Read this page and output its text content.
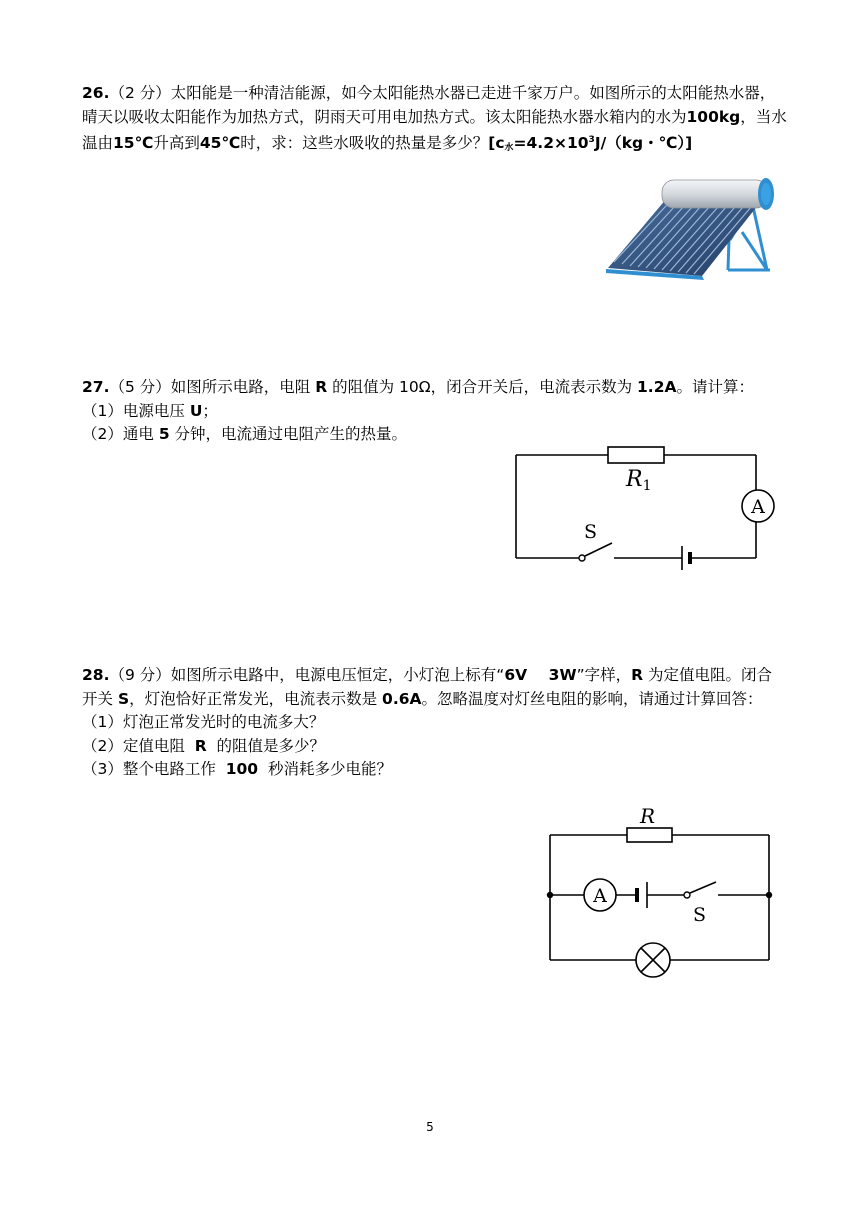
26.（2 分）太阳能是一种清洁能源，如今太阳能热水器已走进千家万户。如图所示的太阳能热水器，晴天以吸收太阳能作为加热方式，阴雨天可用电加热方式。该太阳能热水器水箱内的水为100kg，当水温由15℃升高到45℃时，求：这些水吸收的热量是多少？[$c_水=4.2\times 10^3J/(kg$・℃）]

27.（5 分）如图所示电路，电阻 R 的阻值为 10Ω，闭合开关后，电流表示数为 1.2A。请计算：

（1）电源电压 U；

（2）通电 5 分钟，电流通过电阻产生的热量。

R1
A
S

28.（9 分）如图所示电路中，电源电压恒定，小灯泡上标有“6V    3W”字样，R 为定值电阻。闭合开关 S，灯泡恰好正常发光，电流表示数是 0.6A。忽略温度对灯丝电阻的影响，请通过计算回答：

（1）灯泡正常发光时的电流多大？

（2）定值电阻  R  的阻值是多少？

（3）整个电路工作  100  秒消耗多少电能？

R
A
S
5
